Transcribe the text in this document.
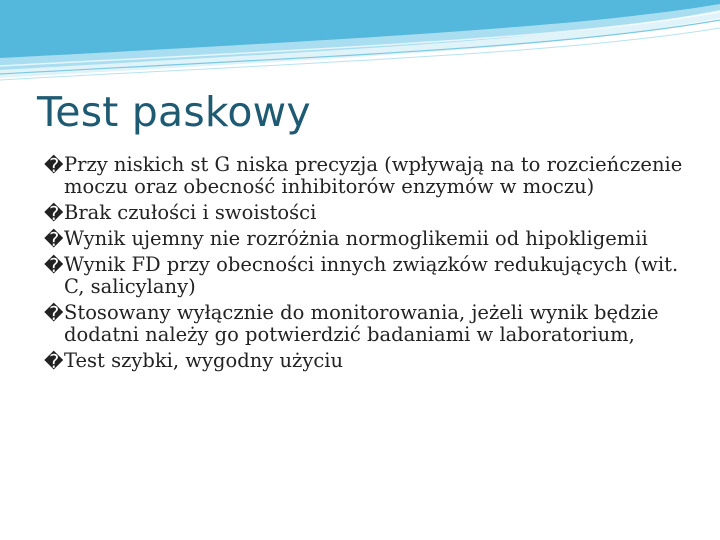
Test paskowy
� Przy niskich st G niska precyzja (wpływają na to rozcieńczenie moczu oraz obecność inhibitorów enzymów w moczu)
� Brak czułości i swoistości
� Wynik ujemny nie rozróżnia normoglikemii od hipokligemii
� Wynik FD przy obecności innych związków redukujących (wit. C, salicylany)
� Stosowany wyłącznie do monitorowania, jeżeli wynik będzie dodatni należy go potwierdzić badaniami w laboratorium,
� Test szybki, wygodny użyciu
